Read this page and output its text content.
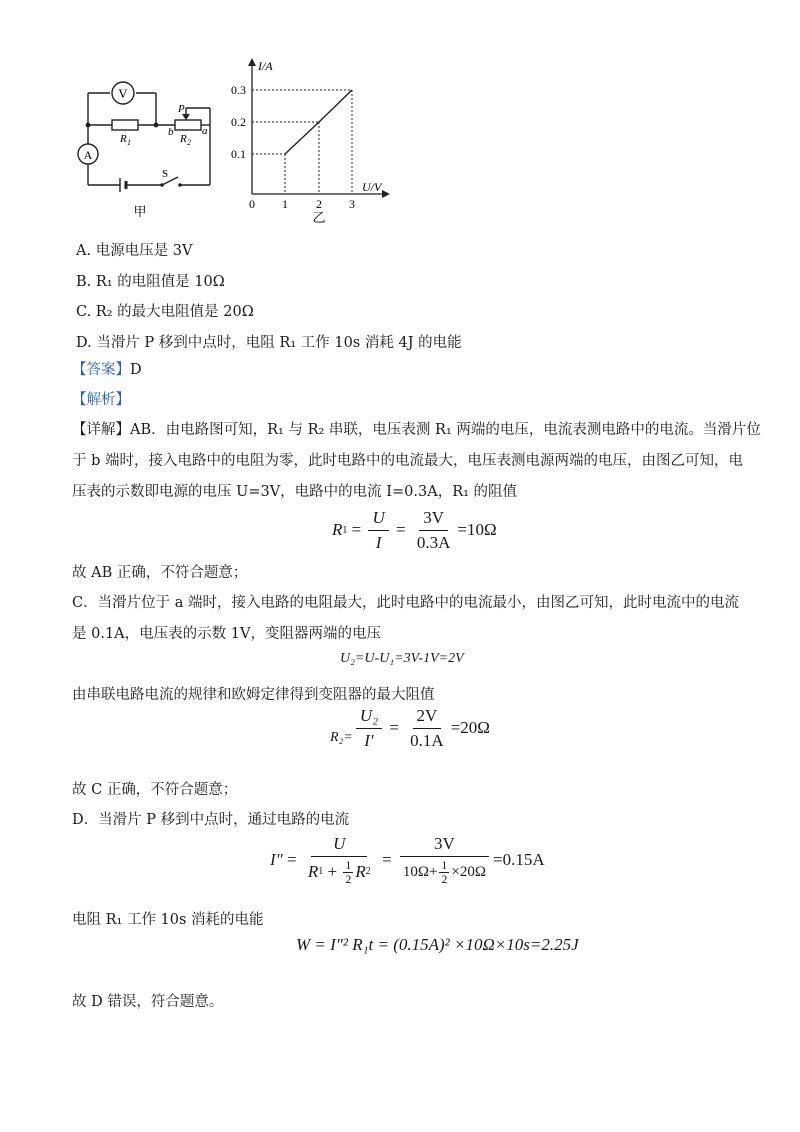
V
A
R 1	R 2
P
a
b
S
甲
I/A
U/V
0.3
0.2
0.1
0 1 2 3
乙
A. 电源电压是 3V
B. R₁ 的电阻值是 10Ω
C. R₂ 的最大电阻值是 20Ω
D. 当滑片 P 移到中点时，电阻 R₁ 工作 10s 消耗 4J 的电能
【答案】D
【解析】
【详解】AB．由电路图可知，R₁ 与 R₂ 串联，电压表测 R₁ 两端的电压，电流表测电路中的电流。当滑片位
于 b 端时，接入电路中的电阻为零，此时电路中的电流最大，电压表测电源两端的电压，由图乙可知，电
压表的示数即电源的电压 U=3V，电路中的电流 I=0.3A，R₁ 的阻值
R $1 = \frac{U}{I} = \frac{3V}{0.3A} =10\Omega$
故 AB 正确，不符合题意；
C．当滑片位于 a 端时，接入电路的电阻最大，此时电路中的电流最小，由图乙可知，此时电流中的电流
是 0.1A，电压表的示数 1V，变阻器两端的电压
U₂=U-U₁=3V-1V=2V
由串联电路电流的规律和欧姆定律得到变阻器的最大阻值
$R_2= \frac{\text{U₂}}{I'} = \frac{2V}{0.1A} =20\Omega$
故 C 正确，不符合题意；
D．当滑片 P 移到中点时，通过电路的电流
$I'' = \frac{U}{R 1 + \frac{1}{2} R 2} = \frac{3V}{10\Omega+ \frac{1}{2} \times 20\Omega} =0.15A$
电阻 R₁ 工作 10s 消耗的电能
W = I″² R₁t = (0.15A)² ×10Ω×10s=2.25J
故 D 错误，符合题意。
